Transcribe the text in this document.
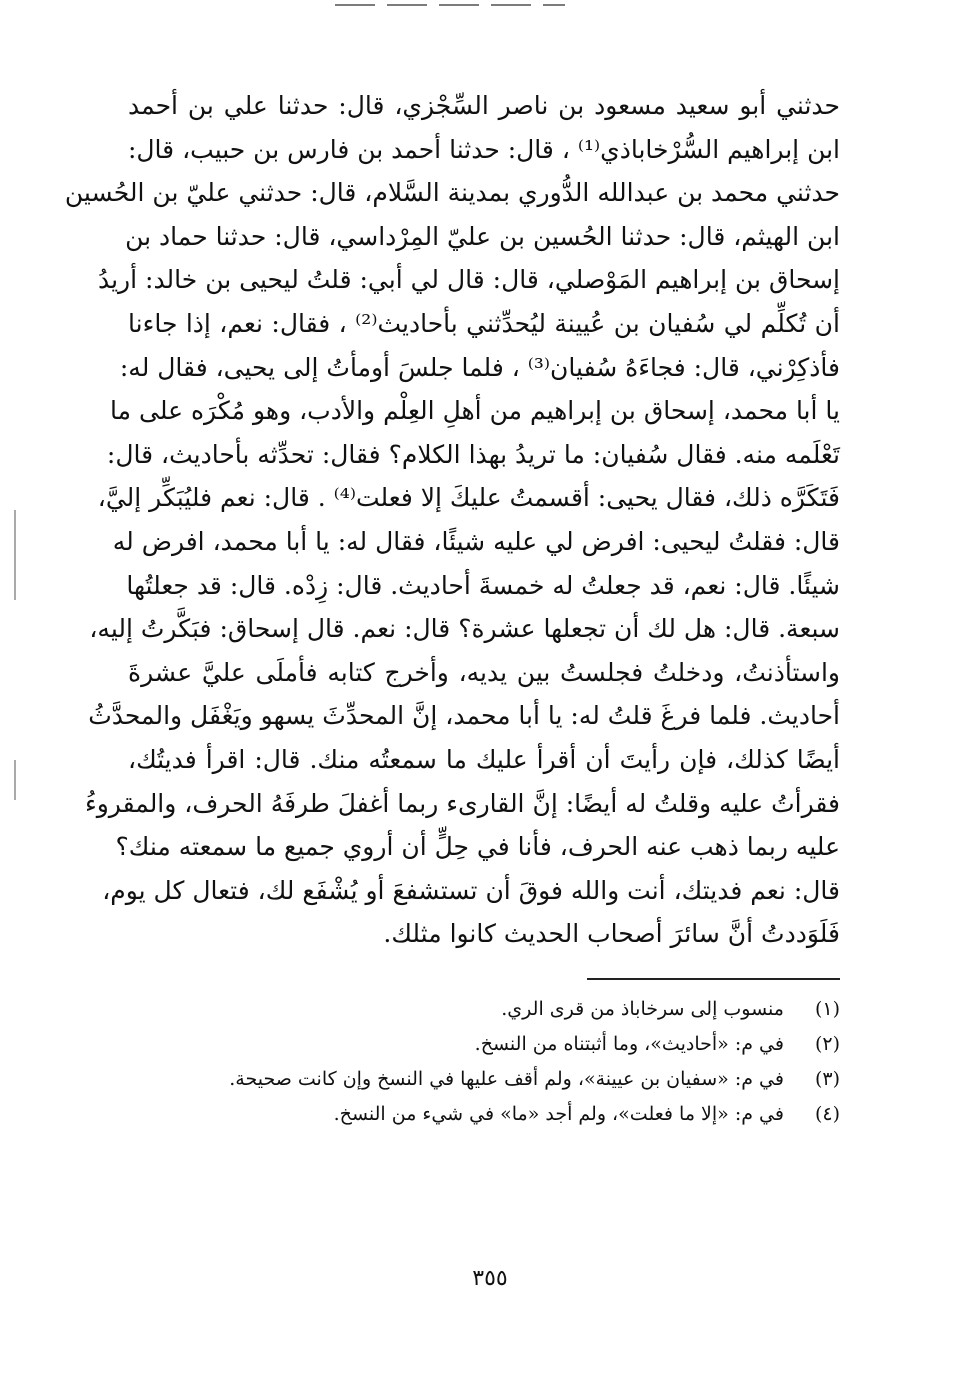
حدثني أبو سعيد مسعود بن ناصر السِّجْزي، قال: حدثنا علي بن أحمد
ابن إبراهيم السُّرْخاباذي⁽¹⁾ ، قال: حدثنا أحمد بن فارس بن حبيب، قال:
حدثني محمد بن عبدالله الدُّوري بمدينة السَّلام، قال: حدثني عليّ بن الحُسين
ابن الهيثم، قال: حدثنا الحُسين بن عليّ المِرْداسي، قال: حدثنا حماد بن
إسحاق بن إبراهيم المَوْصلي، قال: قال لي أبي: قلتُ ليحيى بن خالد: أريدُ
أن تُكلِّم لي سُفيان بن عُيينة ليُحدِّثني بأحاديث⁽²⁾ ، فقال: نعم، إذا جاءنا
فأذكِرْني، قال: فجاءَهُ سُفيان⁽³⁾ ، فلما جلسَ أومأتُ إلى يحيى، فقال له:
يا أبا محمد، إسحاق بن إبراهيم من أهلِ العِلْم والأدب، وهو مُكْرَه على ما
تَعْلَمه منه. فقال سُفيان: ما تريدُ بهذا الكلام؟ فقال: تحدِّثه بأحاديث، قال:
فَتَكَرَّه ذلك، فقال يحيى: أقسمتُ عليكَ إلا فعلت⁽⁴⁾ . قال: نعم فليُبَكِّر إليَّ،
قال: فقلتُ ليحيى: افرض لي عليه شيئًا، فقال له: يا أبا محمد، افرض له
شيئًا. قال: نعم، قد جعلتُ له خمسةَ أحاديث. قال: زِدْه. قال: قد جعلتُها
سبعة. قال: هل لك أن تجعلها عشرة؟ قال: نعم. قال إسحاق: فبَكَّرتُ إليه،
واستأذنتُ، ودخلتُ فجلستُ بين يديه، وأخرج كتابه فأملَى عليَّ عشرةَ
أحاديث. فلما فرغَ قلتُ له: يا أبا محمد، إنَّ المحدِّثَ يسهو ويَغْفَل والمحدَّثُ
أيضًا كذلك، فإن رأيتَ أن أقرأ عليك ما سمعتُه منك. قال: اقرأ فديتُك،
فقرأتُ عليه وقلتُ له أيضًا: إنَّ القارىء ربما أغفلَ طرفَهُ الحرف، والمقروءُ
عليه ربما ذهب عنه الحرف، فأنا في حِلٍّ أن أروي جميع ما سمعته منك؟
قال: نعم فديتك، أنت والله فوقَ أن تستشفعَ أو يُشْفَع لك، فتعال كل يوم،
فَلَوَددتُ أنَّ سائرَ أصحاب الحديث كانوا مثلك.
(١) منسوب إلى سرخاباذ من قرى الري.
(٢) في م: «أحاديث»، وما أثبتناه من النسخ.
(٣) في م: «سفيان بن عيينة»، ولم أقف عليها في النسخ وإن كانت صحيحة.
(٤) في م: «إلا ما فعلت»، ولم أجد «ما» في شيء من النسخ.
٣٥٥
